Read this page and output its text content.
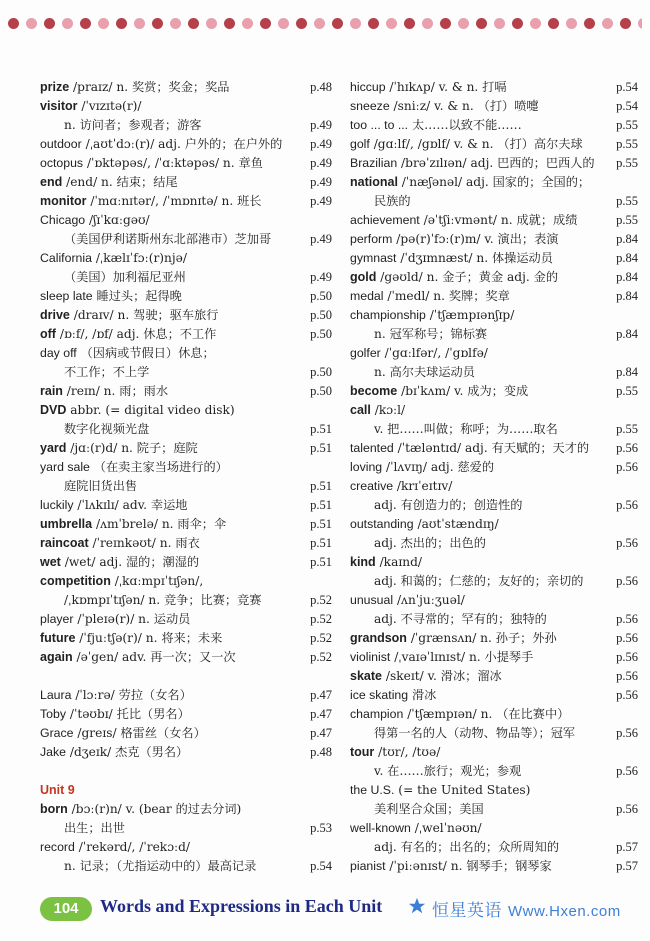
prize /praɪz/ n. 奖赏；奖金；奖品	p.48
visitor /ˈvɪzɪtə(r)/
n. 访问者；参观者；游客	p.49
outdoor /ˌaʊtˈdɔː(r)/ adj. 户外的；在户外的 p.49
octopus /ˈɒktəpəs/, /ˈɑːktəpəs/ n. 章鱼	p.49
end /end/ n. 结束；结尾	p.49
monitor /ˈmɑːnɪtər/, /ˈmɒnɪtə/ n. 班长	p.49
Chicago /ʃɪˈkɑːgəʊ/
（美国伊利诺斯州东北部港市）芝加哥	p.49
California /ˌkælɪˈfɔː(r)njə/
（美国）加利福尼亚州	p.49
sleep late 睡过头；起得晚	p.50
drive /draɪv/ n. 驾驶；驱车旅行	p.50
off /ɒːf/, /ɒf/ adj. 休息；不工作	p.50
day off （因病或节假日）休息；
不工作；不上学	p.50
rain /reɪn/ n. 雨；雨水	p.50
DVD abbr. (= digital video disk)
数字化视频光盘	p.51
yard /jɑː(r)d/ n. 院子；庭院	p.51
yard sale （在卖主家当场进行的）
庭院旧货出售	p.51
luckily /ˈlʌkɪlɪ/ adv. 幸运地	p.51
umbrella /ʌmˈbrelə/ n. 雨伞；伞	p.51
raincoat /ˈreɪnkəʊt/ n. 雨衣	p.51
wet /wet/ adj. 湿的；潮湿的	p.51
competition /ˌkɑːmpɪˈtɪʃən/,
/ˌkɒmpɪˈtɪʃən/ n. 竞争；比赛；竞赛	p.52
player /ˈpleɪə(r)/ n. 运动员	p.52
future /ˈfjuːtʃə(r)/ n. 将来；未来	p.52
again /əˈgen/ adv. 再一次；又一次	p.52
Laura /ˈlɔːrə/ 劳拉（女名）	p.47
Toby /ˈtəʊbɪ/ 托比（男名）	p.47
Grace /greɪs/ 格雷丝（女名）	p.47
Jake /dʒeɪk/ 杰克（男名）	p.48
Unit 9
born /bɔː(r)n/ v. (bear 的过去分词)
出生；出世	p.53
record /ˈrekərd/, /ˈrekɔːd/
n. 记录；（尤指运动中的）最高记录	p.54
hiccup /ˈhɪkʌp/ v. & n. 打嗝	p.54
sneeze /sniːz/ v. & n. （打）喷嚏	p.54
too ... to ... 太……以致不能……	p.55
golf /gɑːlf/, /gɒlf/ v. & n. （打）高尔夫球	p.55
Brazilian /brəˈzɪlɪən/ adj. 巴西的；巴西人的 p.55
national /ˈnæʃənəl/ adj. 国家的；全国的；
民族的	p.55
achievement /əˈtʃiːvmənt/ n. 成就；成绩	p.55
perform /pə(r)ˈfɔː(r)m/ v. 演出；表演	p.84
gymnast /ˈdʒɪmnæst/ n. 体操运动员	p.84
gold /gəʊld/ n. 金子；黄金 adj. 金的	p.84
medal /ˈmedl/ n. 奖牌；奖章	p.84
championship /ˈtʃæmpɪənʃɪp/
n. 冠军称号；锦标赛	p.84
golfer /ˈgɑːlfər/, /ˈgɒlfə/
n. 高尔夫球运动员	p.84
become /bɪˈkʌm/ v. 成为；变成	p.55
call /kɔːl/
v. 把……叫做；称呼；为……取名	p.55
talented /ˈtæləntɪd/ adj. 有天赋的；天才的 p.56
loving /ˈlʌvɪŋ/ adj. 慈爱的	p.56
creative /krɪˈeɪtɪv/
adj. 有创造力的；创造性的	p.56
outstanding /aʊtˈstændɪŋ/
adj. 杰出的；出色的	p.56
kind /kaɪnd/
adj. 和蔼的；仁慈的；友好的；亲切的	p.56
unusual /ʌnˈjuːʒuəl/
adj. 不寻常的；罕有的；独特的	p.56
grandson /ˈgrænsʌn/ n. 孙子；外孙	p.56
violinist /ˌvaɪəˈlɪnɪst/ n. 小提琴手	p.56
skate /skeɪt/ v. 滑冰；溜冰	p.56
ice skating 滑冰	p.56
champion /ˈtʃæmpɪən/ n. （在比赛中）
得第一名的人（动物、物品等）；冠军	p.56
tour /tʊr/, /tʊə/
v. 在……旅行；观光；参观	p.56
the U.S. (= the United States)
美利坚合众国；美国	p.56
well-known /ˌwelˈnəʊn/
adj. 有名的；出名的；众所周知的	p.57
pianist /ˈpiːənɪst/ n. 钢琴手；钢琴家	p.57
104	Words and Expressions in Each Unit	恒星英语 Www.Hxen.com
